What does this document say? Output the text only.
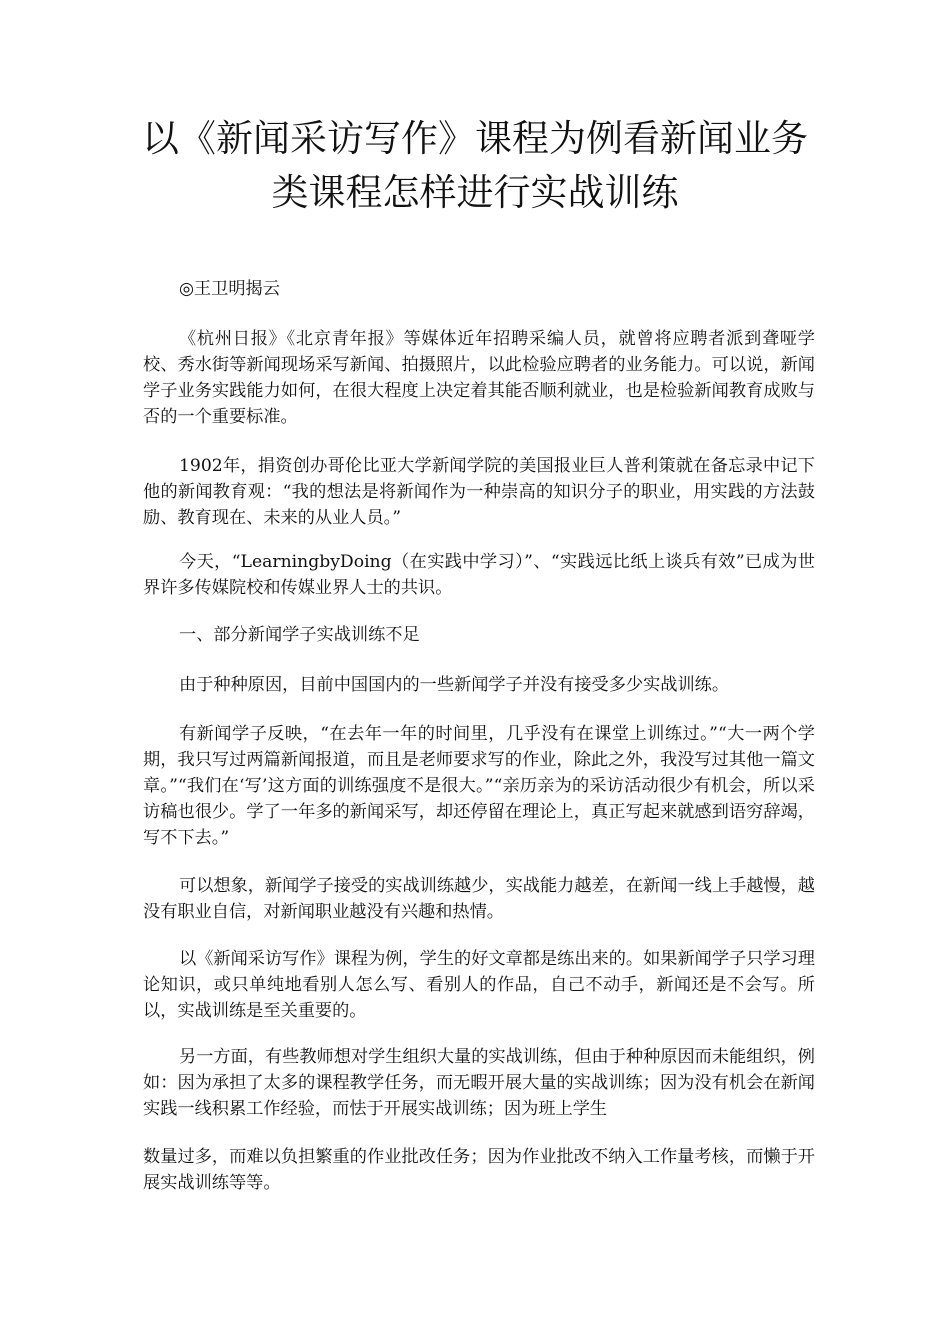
以《新闻采访写作》课程为例看新闻业务类课程怎样进行实战训练

◎王卫明揭云

《杭州日报》《北京青年报》等媒体近年招聘采编人员，就曾将应聘者派到聋哑学校、秀水街等新闻现场采写新闻、拍摄照片，以此检验应聘者的业务能力。可以说，新闻学子业务实践能力如何，在很大程度上决定着其能否顺利就业，也是检验新闻教育成败与否的一个重要标准。

1902年，捐资创办哥伦比亚大学新闻学院的美国报业巨人普利策就在备忘录中记下他的新闻教育观：“我的想法是将新闻作为一种崇高的知识分子的职业，用实践的方法鼓励、教育现在、未来的从业人员。”

今天，“LearningbyDoing（在实践中学习）”、“实践远比纸上谈兵有效”已成为世界许多传媒院校和传媒业界人士的共识。

一、部分新闻学子实战训练不足

由于种种原因，目前中国国内的一些新闻学子并没有接受多少实战训练。

有新闻学子反映，“在去年一年的时间里，几乎没有在课堂上训练过。”“大一两个学期，我只写过两篇新闻报道，而且是老师要求写的作业，除此之外，我没写过其他一篇文章。”“我们在‘写’这方面的训练强度不是很大。”“亲历亲为的采访活动很少有机会，所以采访稿也很少。学了一年多的新闻采写，却还停留在理论上，真正写起来就感到语穷辞竭，写不下去。”

可以想象，新闻学子接受的实战训练越少，实战能力越差，在新闻一线上手越慢，越没有职业自信，对新闻职业越没有兴趣和热情。

以《新闻采访写作》课程为例，学生的好文章都是练出来的。如果新闻学子只学习理论知识，或只单纯地看别人怎么写、看别人的作品，自己不动手，新闻还是不会写。所以，实战训练是至关重要的。

另一方面，有些教师想对学生组织大量的实战训练，但由于种种原因而未能组织，例如：因为承担了太多的课程教学任务，而无暇开展大量的实战训练；因为没有机会在新闻实践一线积累工作经验，而怯于开展实战训练；因为班上学生

数量过多，而难以负担繁重的作业批改任务；因为作业批改不纳入工作量考核，而懒于开展实战训练等等。
